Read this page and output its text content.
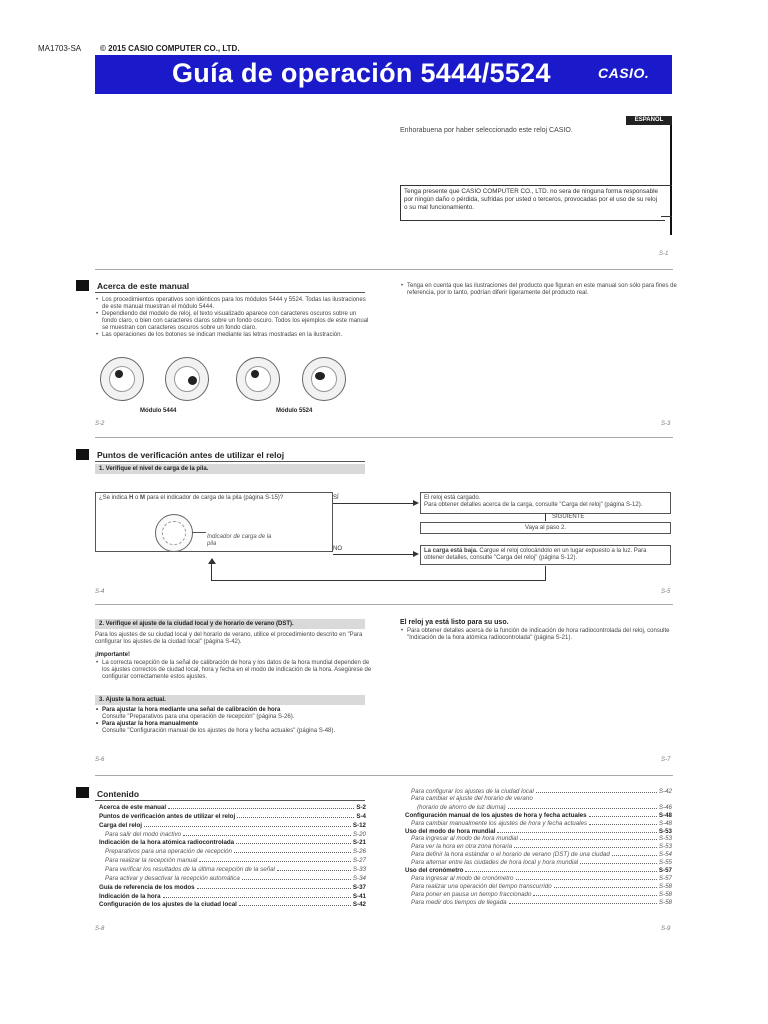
MA1703-SA © 2015 CASIO COMPUTER CO., LTD.
Guía de operación 5444/5524	CASIO.
ESPAÑOL
Enhorabuena por haber seleccionado este reloj CASIO.
Tenga presente que CASIO COMPUTER CO., LTD. no sera de ninguna forma responsable por ningún daño o pérdida, sufridas por usted o terceros, provocadas por el uso de su reloj o su mal funcionamiento.
S-1
Acerca de este manual
• Los procedimientos operativos son idénticos para los módulos 5444 y 5524. Todas las ilustraciones de este manual muestran el módulo 5444.
• Dependiendo del modelo de reloj, el texto visualizado aparece con caracteres oscuros sobre un fondo claro, o bien con caracteres claros sobre un fondo oscuro. Todos los ejemplos de este manual se muestran con caracteres oscuros sobre un fondo claro.
• Las operaciones de los botones se indican mediante las letras mostradas en la ilustración.
Módulo 5444	Módulo 5524
S-2
• Tenga en cuenta que las ilustraciones del producto que figuran en este manual son sólo para fines de referencia, por lo tanto, podrían diferir ligeramente del producto real.
S-3
Puntos de verificación antes de utilizar el reloj
1. Verifique el nivel de carga de la pila.
¿Se indica H o M para el indicador de carga de la pila (página S-15)?
Indicador de carga de la pila
SÍ
NO
S-4
El reloj está cargado.
Para obtener detalles acerca de la carga, consulte "Carga del reloj" (página S-12).
SIGUIENTE
Vaya al paso 2.
La carga está baja. Cargue el reloj colocándolo en un lugar expuesto a la luz. Para obtener detalles, consulte "Carga del reloj" (página S-12).
S-5
2. Verifique el ajuste de la ciudad local y de horario de verano (DST).
Para los ajustes de su ciudad local y del horario de verano, utilice el procedimiento descrito en "Para configurar los ajustes de la ciudad local" (página S-42).
¡Importante!
• La correcta recepción de la señal de calibración de hora y los datos de la hora mundial dependen de los ajustes correctos de ciudad local, hora y fecha en el modo de indicación de la hora. Asegúrese de configurar correctamente estos ajustes.
3. Ajuste la hora actual.
• Para ajustar la hora mediante una señal de calibración de hora
Consulte "Preparativos para una operación de recepción" (página S-26).
• Para ajustar la hora manualmente
Consulte "Configuración manual de los ajustes de hora y fecha actuales" (página S-48).
S-6
El reloj ya está listo para su uso.
• Para obtener detalles acerca de la función de indicación de hora radiocontrolada del reloj, consulte "Indicación de la hora atómica radiocontrolada" (página S-21).
S-7
Contenido
Acerca de este manual	S-2
Puntos de verificación antes de utilizar el reloj	S-4
Carga del reloj	S-12
Para salir del modo inactivo	S-20
Indicación de la hora atómica radiocontrolada	S-21
Preparativos para una operación de recepción	S-26
Para realizar la recepción manual	S-27
Para verificar los resultados de la última recepción de la señal	S-33
Para activar y desactivar la recepción automática	S-34
Guía de referencia de los modos	S-37
Indicación de la hora	S-41
Configuración de los ajustes de la ciudad local	S-42
Para configurar los ajustes de la ciudad local	S-42
Para cambiar el ajuste del horario de verano
(horario de ahorro de luz diurna)	S-46
Configuración manual de los ajustes de hora y fecha actuales	S-48
Para cambiar manualmente los ajustes de hora y fecha actuales	S-48
Uso del modo de hora mundial	S-53
Para ingresar al modo de hora mundial	S-53
Para ver la hora en otra zona horaria	S-53
Para definir la hora estándar o el horario de verano (DST) de una ciudad	S-54
Para alternar entre las ciudades de hora local y hora mundial	S-55
Uso del cronómetro	S-57
Para ingresar al modo de cronómetro	S-57
Para realizar una operación del tiempo transcurrido	S-58
Para poner en pausa un tiempo fraccionado	S-58
Para medir dos tiempos de llegada	S-58
S-8	S-9
